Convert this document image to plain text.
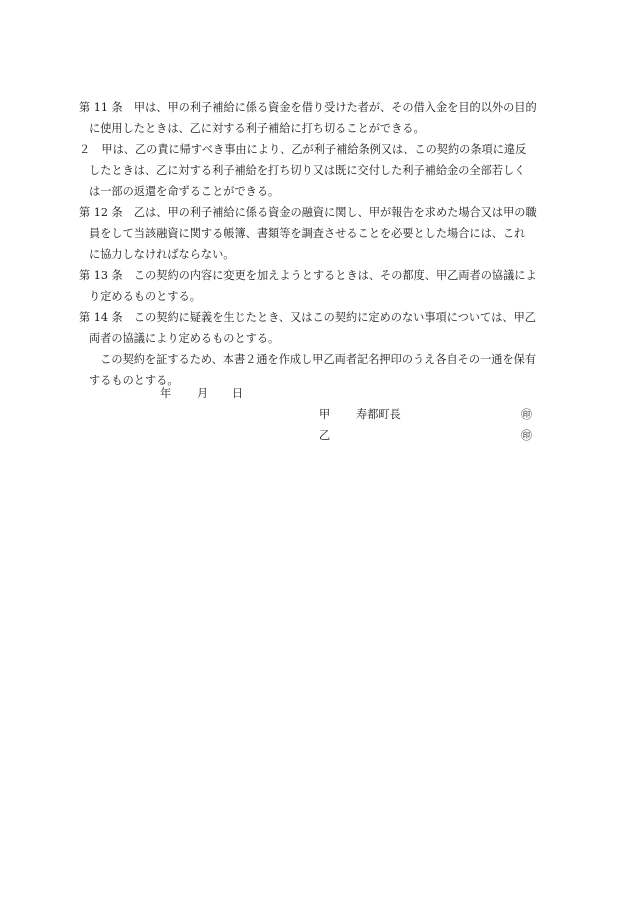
第 11 条　甲は、甲の利子補給に係る資金を借り受けた者が、その借入金を目的以外の目的
に使用したときは、乙に対する利子補給に打ち切ることができる。
２　甲は、乙の責に帰すべき事由により、乙が利子補給条例又は、この契約の条項に違反
したときは、乙に対する利子補給を打ち切り又は既に交付した利子補給金の全部若しく
は一部の返還を命ずることができる。
第 12 条　乙は、甲の利子補給に係る資金の融資に関し、甲が報告を求めた場合又は甲の職
員をして当該融資に関する帳簿、書類等を調査させることを必要とした場合には、これ
に協力しなければならない。
第 13 条　この契約の内容に変更を加えようとするときは、その都度、甲乙両者の協議によ
り定めるものとする。
第 14 条　この契約に疑義を生じたとき、又はこの契約に定めのない事項については、甲乙
両者の協議により定めるものとする。
　この契約を証するため、本書２通を作成し甲乙両者記名押印のうえ各自その一通を保有
するものとする。
年 月 日
甲 寿都町長	㊞
乙	㊞
